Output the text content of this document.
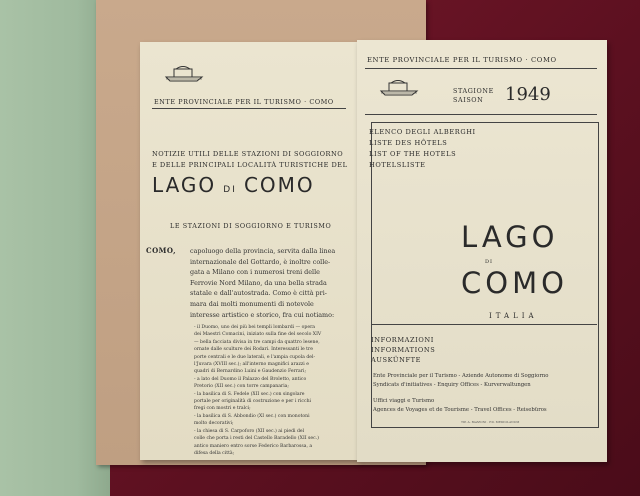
ENTE PROVINCIALE PER IL TURISMO · COMO
NOTIZIE UTILI DELLE STAZIONI DI SOGGIORNO
E DELLE PRINCIPALI LOCALITÀ TURISTICHE DEL
LAGO DI COMO
LE STAZIONI DI SOGGIORNO E TURISMO
COMO, capoluogo della provincia, servita dalla linea
internazionale del Gottardo, è inoltre colle-
gata a Milano con i numerosi treni delle
Ferrovie Nord Milano, da una bella strada
statale e dall'autostrada. Como è città pri-
mara dai molti monumenti di notevole
interesse artistico e storico, fra cui notiamo:
- il Duomo, uno dei più bei templi lombardi — opera
dei Maestri Comacini, iniziato sulla fine del secolo XIV
— bella facciata divisa in tre campi da quattro lesene,
ornate dalle sculture dei Rodari. Interessanti le tre
porte centrali e le due laterali, e l'ampia cupola del-
l'Juvara (XVIII sec.); all'interno magnifici arazzi e
quadri di Bernardino Luini e Gaudenzio Ferrari;
- a lato del Duomo il Palazzo del Broletto, antico
Pretorio (XII sec.) con torre campanaria;
- la basilica di S. Fedele (XII sec.) con singolare
portale per originalità di costruzione e per i ricchi
fregi con mostri e tralci;
- la basilica di S. Abbondio (XI sec.) con monotoni
molto decorativi;
- la chiesa di S. Carpoforo (XII sec.) ai piedi del
colle che porta i resti del Castello Baradello (XII sec.)
antico maniero entro sorse Federico Barbarossa, a
difesa della città;
ENTE PROVINCIALE PER IL TURISMO · COMO
STAGIONE
SAISON 1949
ELENCO DEGLI ALBERGHI
LISTE DES HÔTELS
LIST OF THE HOTELS
HOTELSLISTE
LAGO
DI
COMO
ITALIA
INFORMAZIONI
INFORMATIONS
AUSKÜNFTE
Ente Provinciale per il Turismo - Aziende Autonome di Soggiorno
Syndicats d'initiatives - Enquiry Offices - Kurverwaltungen
Uffici viaggi e Turismo
Agences de Voyages et de Tourisme - Travel Offices - Reisebüros
TIP. A. BAZZONI · ED. MEDIOLANUM
